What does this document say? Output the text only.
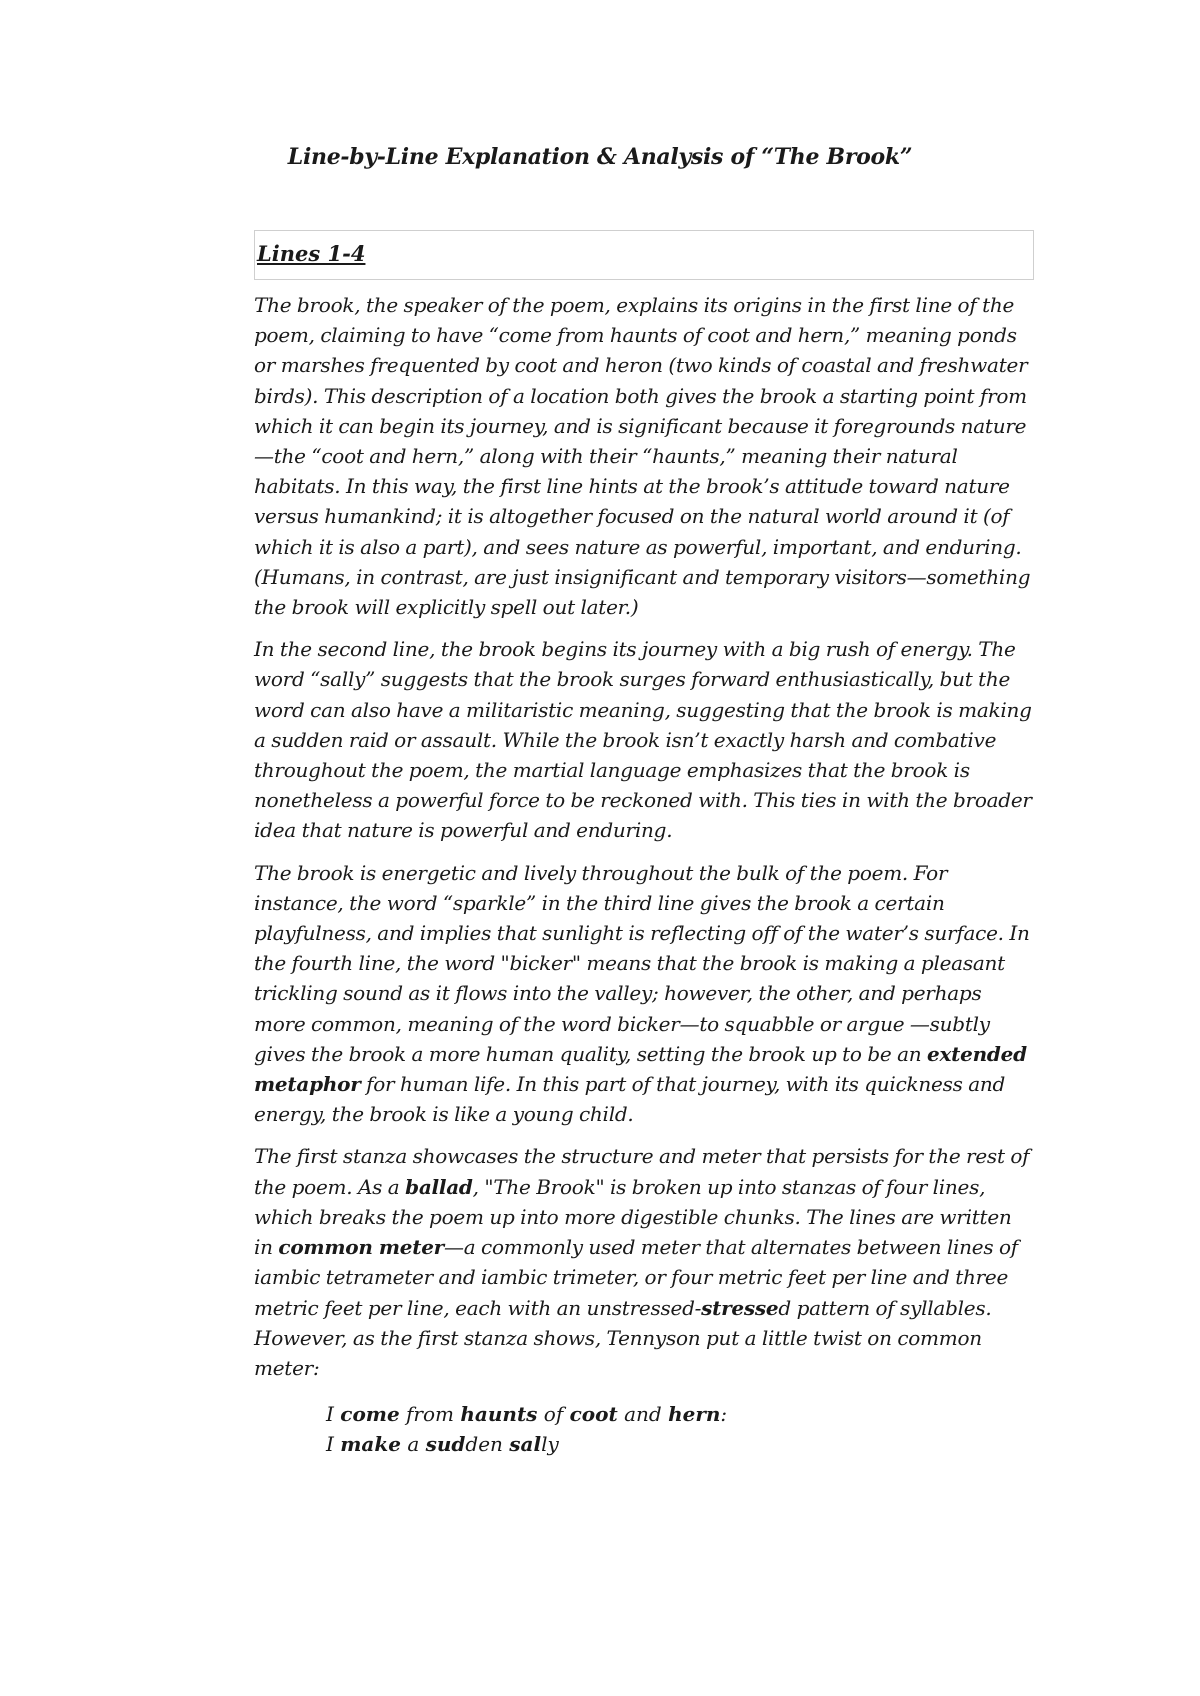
Line-by-Line Explanation & Analysis of “The Brook”
Lines 1-4

The brook, the speaker of the poem, explains its origins in the first line of the poem, claiming to have “come from haunts of coot and hern,” meaning ponds or marshes frequented by coot and heron (two kinds of coastal and freshwater birds). This description of a location both gives the brook a starting point from which it can begin its journey, and is significant because it foregrounds nature—the “coot and hern,” along with their “haunts,” meaning their natural habitats. In this way, the first line hints at the brook’s attitude toward nature versus humankind; it is altogether focused on the natural world around it (of which it is also a part), and sees nature as powerful, important, and enduring. (Humans, in contrast, are just insignificant and temporary visitors—something the brook will explicitly spell out later.)

In the second line, the brook begins its journey with a big rush of energy. The word “sally” suggests that the brook surges forward enthusiastically, but the word can also have a militaristic meaning, suggesting that the brook is making a sudden raid or assault. While the brook isn’t exactly harsh and combative throughout the poem, the martial language emphasizes that the brook is nonetheless a powerful force to be reckoned with. This ties in with the broader idea that nature is powerful and enduring.

The brook is energetic and lively throughout the bulk of the poem. For instance, the word “sparkle” in the third line gives the brook a certain playfulness, and implies that sunlight is reflecting off of the water’s surface. In the fourth line, the word "bicker" means that the brook is making a pleasant trickling sound as it flows into the valley; however, the other, and perhaps more common, meaning of the word bicker—to squabble or argue —subtly gives the brook a more human quality, setting the brook up to be an extended metaphor for human life. In this part of that journey, with its quickness and energy, the brook is like a young child.

The first stanza showcases the structure and meter that persists for the rest of the poem. As a ballad, "The Brook" is broken up into stanzas of four lines, which breaks the poem up into more digestible chunks. The lines are written in common meter—a commonly used meter that alternates between lines of iambic tetrameter and iambic trimeter, or four metric feet per line and three metric feet per line, each with an unstressed-stressed pattern of syllables. However, as the first stanza shows, Tennyson put a little twist on common meter:

I come from haunts of coot and hern:
I make a sudden sally
